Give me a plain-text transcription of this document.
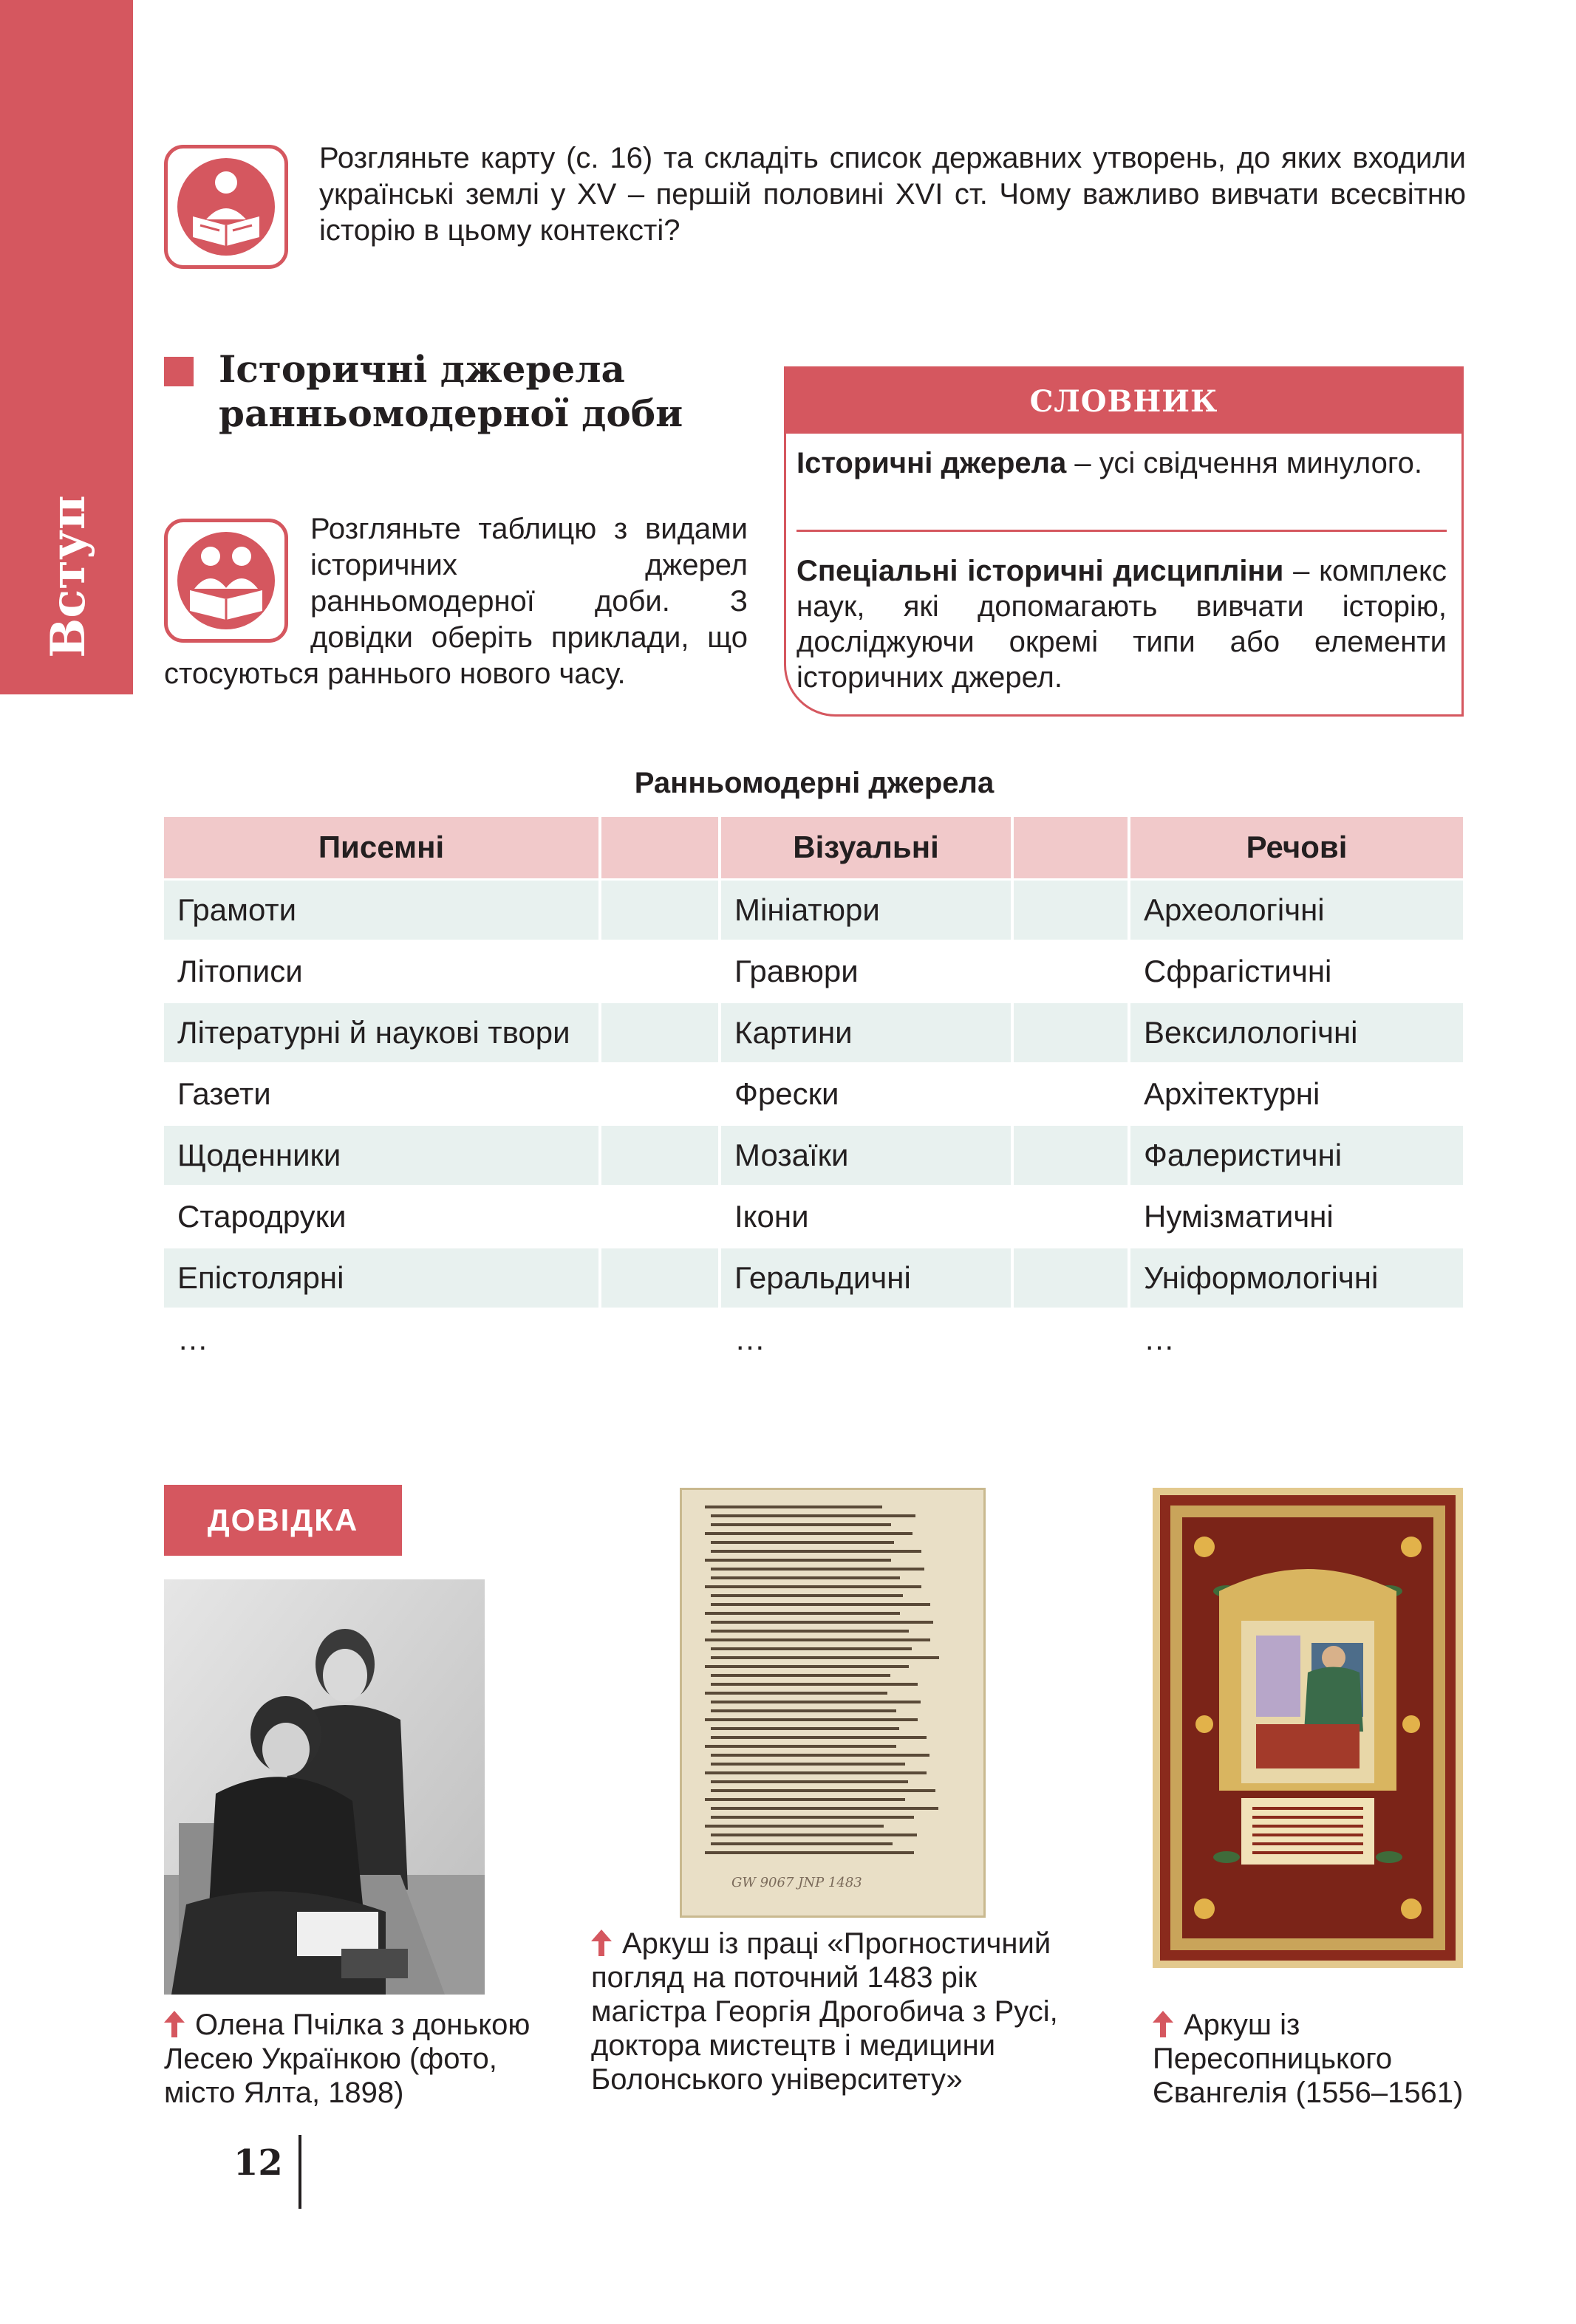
Вступ
Розгляньте карту (с. 16) та складіть список державних утворень, до яких входили українські землі у XV – першій половині XVI ст. Чому важливо вивчати всесвітню історію в цьому контексті?
Історичні джерела ранньомодерної доби
Розгляньте таблицю з видами історичних джерел ранньомодерної доби. З довідки оберіть приклади, що стосуються раннього нового часу.
СЛОВНИК
Історичні джерела – усі свідчення минулого.
Спеціальні історичні дисципліни – комплекс наук, які допомагають вивчати історію, досліджуючи окремі типи або елементи історичних джерел.
Ранньомодерні джерела
Писемні	Візуальні	Речові
Грамоти	Мініатюри	Археологічні
Літописи	Гравюри	Сфрагістичні
Літературні й наукові твори	Картини	Вексилологічні
Газети	Фрески	Архітектурні
Щоденники	Мозаїки	Фалеристичні
Стародруки	Ікони	Нумізматичні
Епістолярні	Геральдичні	Уніформологічні
…	…	…
ДОВІДКА
Олена Пчілка з донькою Лесею Українкою (фото, місто Ялта, 1898)
GW 9067 JNP 1483
Аркуш із праці «Прогностичний погляд на поточний 1483 рік магістра Георгія Дрогобича з Русі, доктора мистецтв і медицини Болонського університету»
Аркуш із Пересопницького Євангелія (1556–1561)
12
